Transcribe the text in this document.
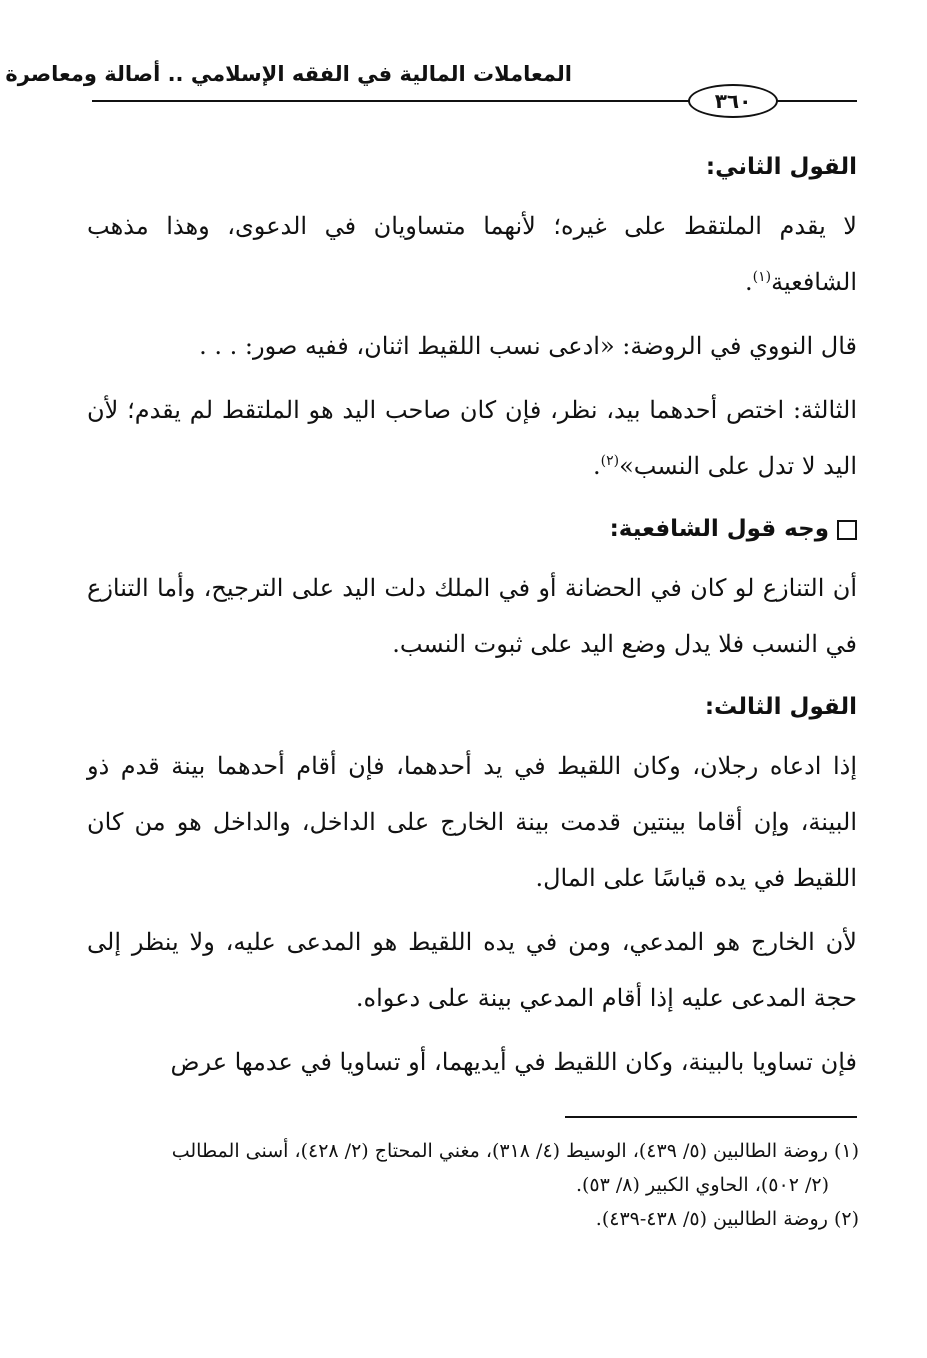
المعاملات المالية في الفقه الإسلامي .. أصالة ومعاصرة
٣٦٠
القول الثاني:

لا يقدم الملتقط على غيره؛ لأنهما متساويان في الدعوى، وهذا مذهب الشافعية$^{(١)}$.

قال النووي في الروضة: «ادعى نسب اللقيط اثنان، ففيه صور: . . .

الثالثة: اختص أحدهما بيد، نظر، فإن كان صاحب اليد هو الملتقط لم يقدم؛ لأن اليد لا تدل على النسب»$^{(٢)}$.

وجه قول الشافعية:

أن التنازع لو كان في الحضانة أو في الملك دلت اليد على الترجيح، وأما التنازع في النسب فلا يدل وضع اليد على ثبوت النسب.

القول الثالث:

إذا ادعاه رجلان، وكان اللقيط في يد أحدهما، فإن أقام أحدهما بينة قدم ذو البينة، وإن أقاما بينتين قدمت بينة الخارج على الداخل، والداخل هو من كان اللقيط في يده قياسًا على المال.

لأن الخارج هو المدعي، ومن في يده اللقيط هو المدعى عليه، ولا ينظر إلى حجة المدعى عليه إذا أقام المدعي بينة على دعواه.

فإن تساويا بالبينة، وكان اللقيط في أيديهما، أو تساويا في عدمها عرض

(١) روضة الطالبين (٥/ ٤٣٩)، الوسيط (٤/ ٣١٨)، مغني المحتاج (٢/ ٤٢٨)، أسنى المطالب
(٢/ ٥٠٢)، الحاوي الكبير (٨/ ٥٣).

(٢) روضة الطالبين (٥/ ٤٣٨-٤٣٩).
